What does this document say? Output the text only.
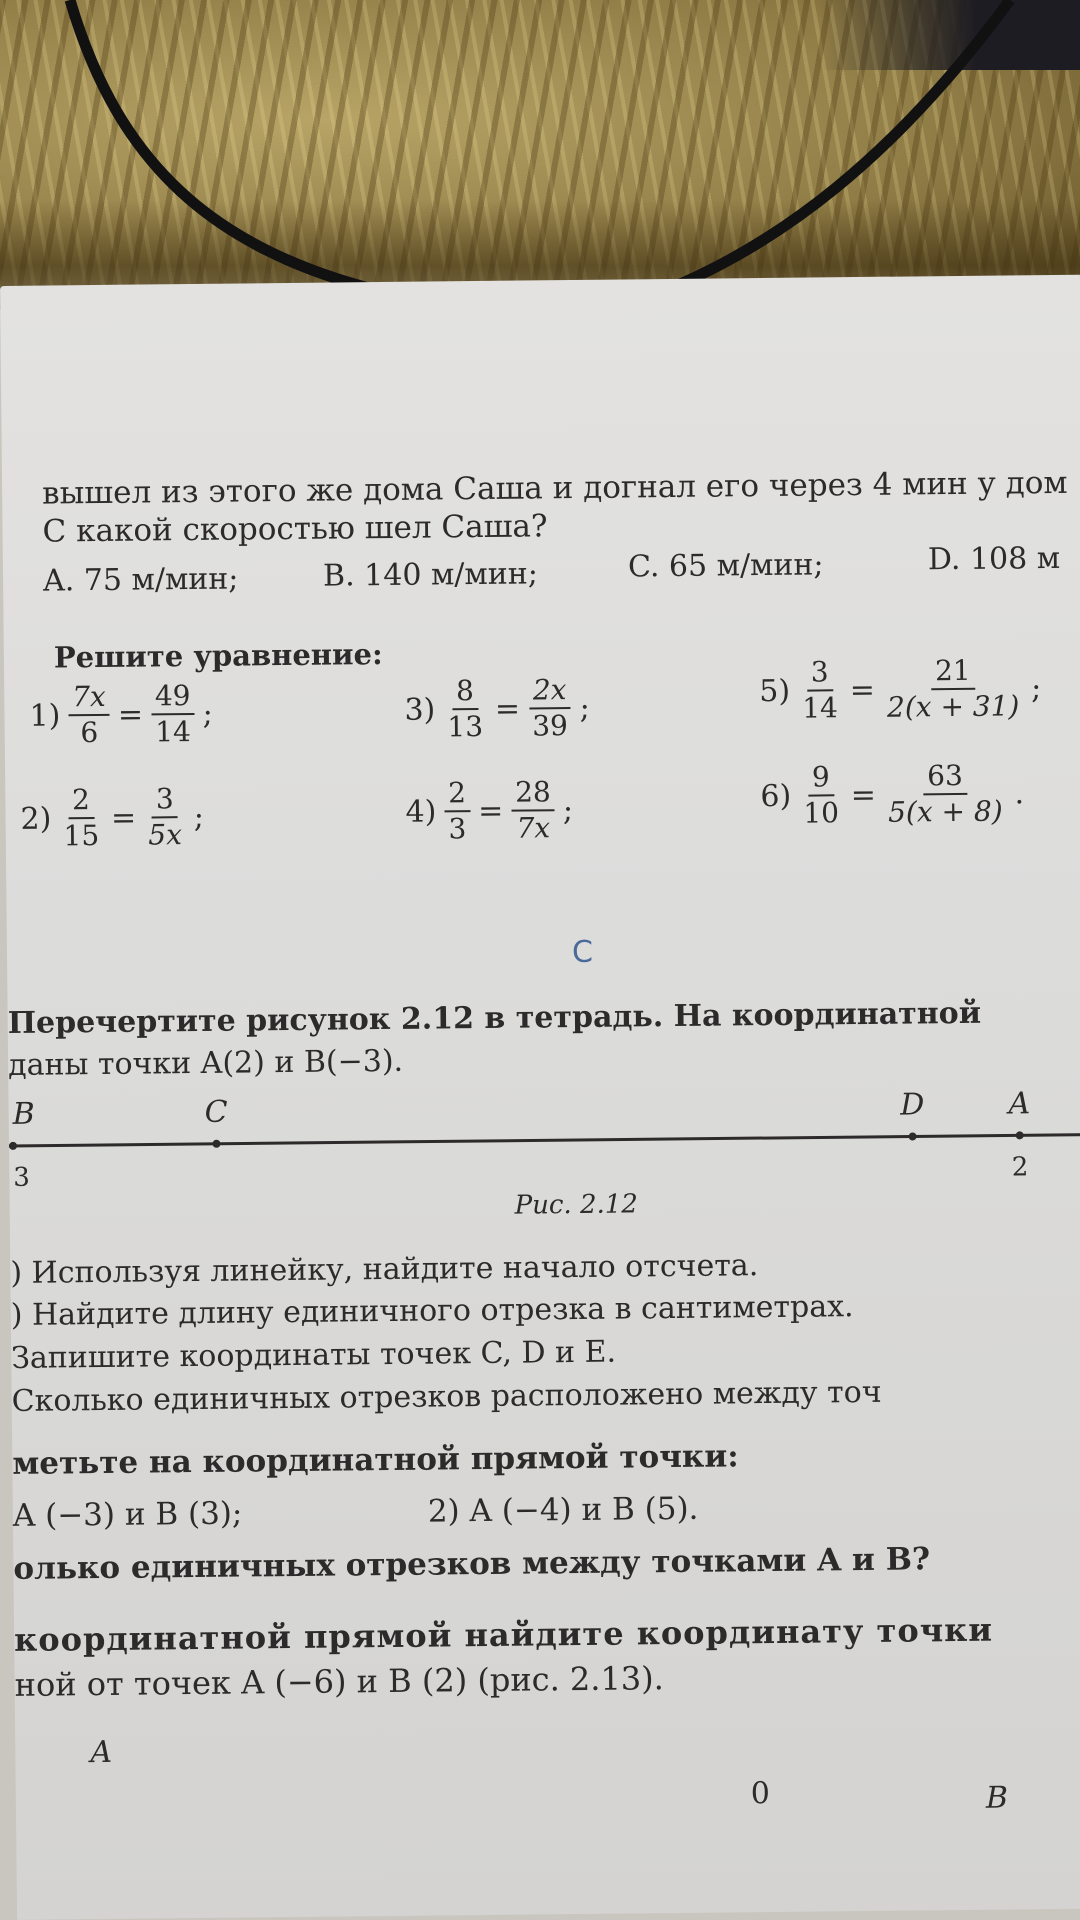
вышел из этого же дома Саша и догнал его через 4 мин у дом
С какой скоростью шел Саша?
A. 75 м/мин;	B. 140 м/мин;	C. 65 м/мин;	D. 108 м
Решите уравнение:
$1) \frac{7x}{6} = \frac{49}{14}$ ;
$2) \frac{2}{15} = \frac{3}{5x}$ ;
$3) \frac{8}{13} = \frac{2x}{39}$ ;
$4) \frac{2}{3} = \frac{28}{7x}$ ;
$5) \frac{3}{14} = \frac{21}{2(x + 31)}$ ;
$6) \frac{9}{10} = \frac{63}{5(x + 8)}$ .
C
Перечертите рисунок 2.12 в тетрадь. На координатной
даны точки A(2) и B(−3).
B
3
C	D	A
2
Рис. 2.12
) Используя линейку, найдите начало отсчета.
) Найдите длину единичного отрезка в сантиметрах.
Запишите координаты точек C, D и E.
Сколько единичных отрезков расположено между точ
метьте на координатной прямой точки:
A (−3) и B (3);	2) A (−4) и B (5).
олько единичных отрезков между точками A и B?
координатной прямой найдите координату точки
ной от точек A (−6) и B (2) (рис. 2.13).
A
0	B
